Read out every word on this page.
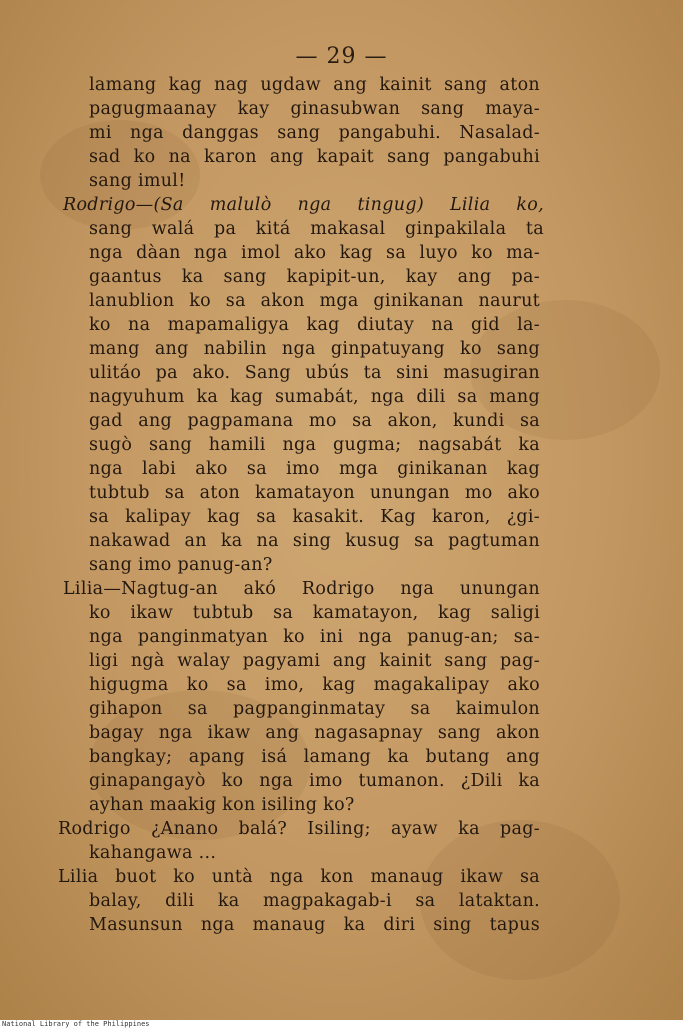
— 29 —
lamang kag nag ugdaw ang kainit sang aton
pagugmaanay kay ginasubwan sang maya-
mi nga danggas sang pangabuhi. Nasalad-
sad ko na karon ang kapait sang pangabuhi
sang imul!
Rodrigo—(Sa malulò nga tingug) Lilia ko,
sang walá pa kitá makasal ginpakilala ta
nga dàan nga imol ako kag sa luyo ko ma-
gaantus ka sang kapipit-un, kay ang pa-
lanublion ko sa akon mga ginikanan naurut
ko na mapamaligya kag diutay na gid la-
mang ang nabilin nga ginpatuyang ko sang
ulitáo pa ako. Sang ubús ta sini masugiran
nagyuhum ka kag sumabát, nga dili sa mang
gad ang pagpamana mo sa akon, kundi sa
sugò sang hamili nga gugma; nagsabát ka
nga labi ako sa imo mga ginikanan kag
tubtub sa aton kamatayon unungan mo ako
sa kalipay kag sa kasakit. Kag karon, ¿gi-
nakawad an ka na sing kusug sa pagtuman
sang imo panug-an?
Lilia—Nagtug-an akó Rodrigo nga unungan
ko ikaw tubtub sa kamatayon, kag saligi
nga panginmatyan ko ini nga panug-an; sa-
ligi ngà walay pagyami ang kainit sang pag-
higugma ko sa imo, kag magakalipay ako
gihapon sa pagpanginmatay sa kaimulon
bagay nga ikaw ang nagasapnay sang akon
bangkay; apang isá lamang ka butang ang
ginapangayò ko nga imo tumanon. ¿Dili ka
ayhan maakig kon isiling ko?
Rodrigo ¿Anano balá? Isiling; ayaw ka pag-
kahangawa ...
Lilia buot ko untà nga kon manaug ikaw sa
balay, dili ka magpakagab-i sa lataktan.
Masunsun nga manaug ka diri sing tapus
National Library of the Philippines
